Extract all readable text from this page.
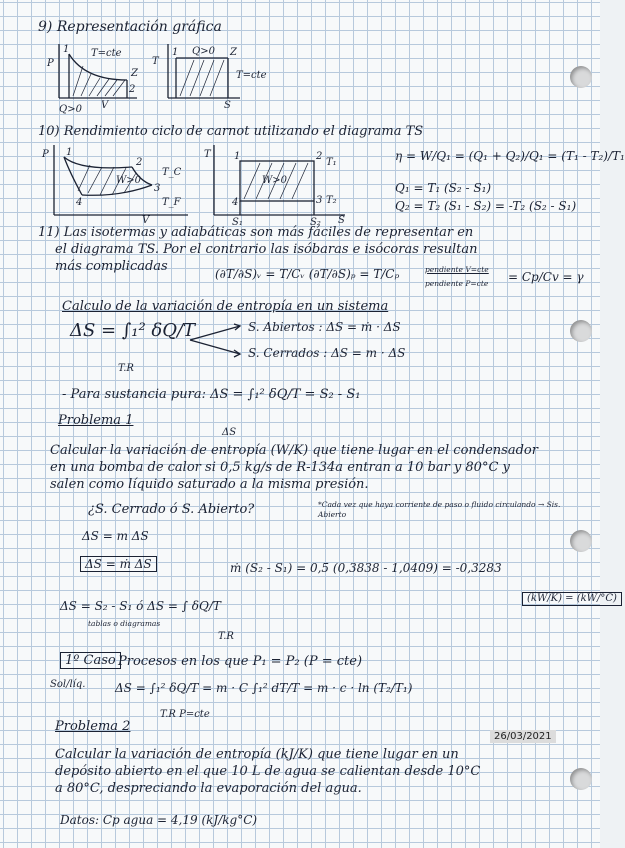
9) Representación gráfica
P
T=cte
Z
1
2
V
Q>0
T
Q>0
1	Z
T=cte
S
10) Rendimiento ciclo de carnot utilizando el diagrama TS
P 1
2
3
4
T_C
T_F
V
W>0
T
W>0
1	2
3
4
T₁
T₂
S
S₁	S₂
η = W/Q₁ = (Q₁ + Q₂)/Q₁ = (T₁ - T₂)/T₁
Q₁ = T₁ (S₂ - S₁)
Q₂ = T₂ (S₁ - S₂) = -T₂ (S₂ - S₁)
11) Las isotermas y adiabáticas son más fáciles de representar en
el diagrama TS. Por el contrario las isóbaras e isócoras resultan
más complicadas	(∂T/∂S)ᵥ = T/Cᵥ (∂T/∂S)ₚ = T/Cₚ	pendiente V=cte
pendiente P=cte = Cp/Cv = γ
Calculo de la variación de entropía en un sistema
ΔS = ∫₁² δQ/T
T.R
S. Abiertos : ΔS = ṁ · ΔS
S. Cerrados : ΔS = m · ΔS
- Para sustancia pura: ΔS = ∫₁² δQ/T = S₂ - S₁
Problema 1
ΔS
Calcular la variación de entropía (W/K) que tiene lugar en el condensador
en una bomba de calor si 0,5 kg/s de R-134a entran a 10 bar y 80°C y
salen como líquido saturado a la misma presión.
¿S. Cerrado ó S. Abierto?	*Cada vez que haya corriente de paso o fluido circulando → Sis. Abierto
ΔS = m ΔS
ΔS = ṁ ΔS	ṁ (S₂ - S₁) = 0,5 (0,3838 - 1,0409) = -0,3283
(kW/K) = (kW/°C)
ΔS = S₂ - S₁ ó ΔS = ∫ δQ/T
tablas o diagramas
T.R
1º Caso Procesos en los que P₁ = P₂ (P = cte)
Sol/líq. ΔS = ∫₁² δQ/T = m · C ∫₁² dT/T = m · c · ln (T₂/T₁)
T.R P=cte
Problema 2
26/03/2021
Calcular la variación de entropía (kJ/K) que tiene lugar en un
depósito abierto en el que 10 L de agua se calientan desde 10°C
a 80°C, despreciando la evaporación del agua.
Datos: Cp agua = 4,19 (kJ/kg°C)
